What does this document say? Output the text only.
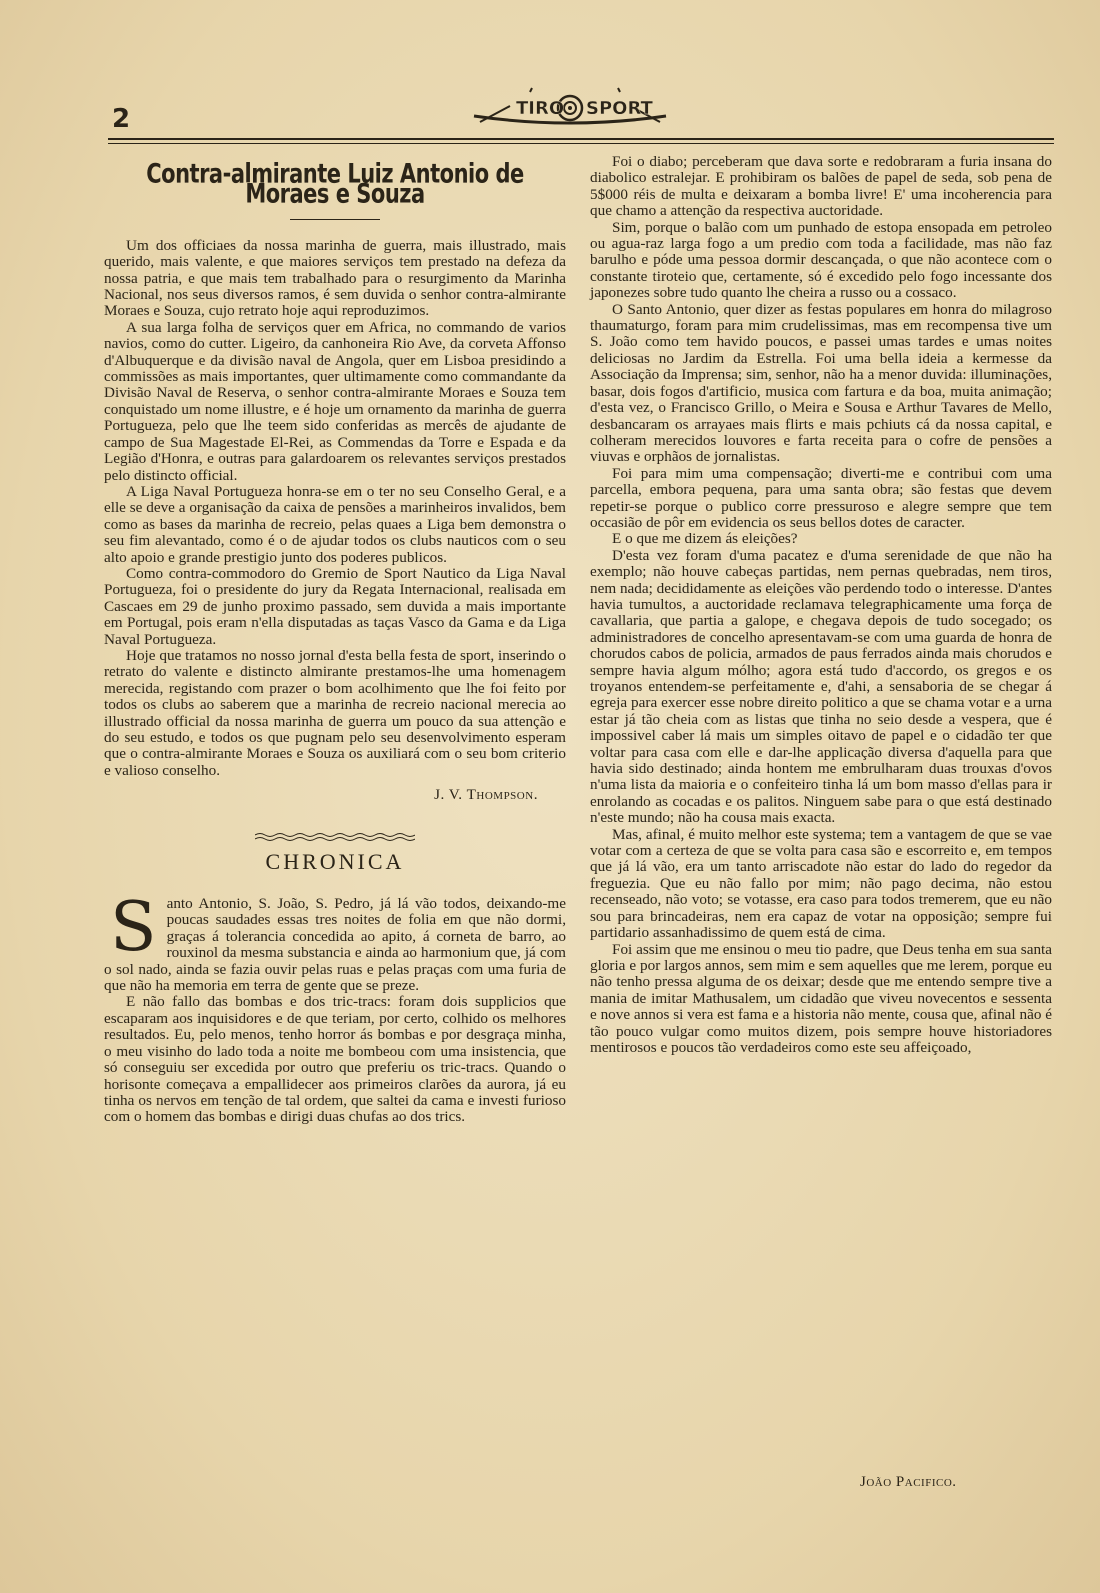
2	TIRO SPORT
Contra-almirante Luiz Antonio de Moraes e Souza

Um dos officiaes da nossa marinha de guerra, mais illustrado, mais querido, mais valente, e que maiores serviços tem prestado na defeza da nossa patria, e que mais tem trabalhado para o resurgimento da Marinha Nacional, nos seus diversos ramos, é sem duvida o senhor contra-almirante Moraes e Souza, cujo retrato hoje aqui reproduzimos.

A sua larga folha de serviços quer em Africa, no commando de varios navios, como do cutter. Ligeiro, da canhoneira Rio Ave, da corveta Affonso d'Albuquerque e da divisão naval de Angola, quer em Lisboa presidindo a commissões as mais importantes, quer ultimamente como commandante da Divisão Naval de Reserva, o senhor contra-almirante Moraes e Souza tem conquistado um nome illustre, e é hoje um ornamento da marinha de guerra Portugueza, pelo que lhe teem sido conferidas as mercês de ajudante de campo de Sua Magestade El-Rei, as Commendas da Torre e Espada e da Legião d'Honra, e outras para galardoarem os relevantes serviços prestados pelo distincto official.

A Liga Naval Portugueza honra-se em o ter no seu Conselho Geral, e a elle se deve a organisação da caixa de pensões a marinheiros invalidos, bem como as bases da marinha de recreio, pelas quaes a Liga bem demonstra o seu fim alevantado, como é o de ajudar todos os clubs nauticos com o seu alto apoio e grande prestigio junto dos poderes publicos.

Como contra-commodoro do Gremio de Sport Nautico da Liga Naval Portugueza, foi o presidente do jury da Regata Internacional, realisada em Cascaes em 29 de junho proximo passado, sem duvida a mais importante em Portugal, pois eram n'ella disputadas as taças Vasco da Gama e da Liga Naval Portugueza.

Hoje que tratamos no nosso jornal d'esta bella festa de sport, inserindo o retrato do valente e distincto almirante prestamos-lhe uma homenagem merecida, registando com prazer o bom acolhimento que lhe foi feito por todos os clubs ao saberem que a marinha de recreio nacional merecia ao illustrado official da nossa marinha de guerra um pouco da sua attenção e do seu estudo, e todos os que pugnam pelo seu desenvolvimento esperam que o contra-almirante Moraes e Souza os auxiliará com o seu bom criterio e valioso conselho.

J. V. Thompson.
CHRONICA

Santo Antonio, S. João, S. Pedro, já lá vão todos, deixando-me poucas saudades essas tres noites de folia em que não dormi, graças á tolerancia concedida ao apito, á corneta de barro, ao rouxinol da mesma substancia e ainda ao harmonium que, já com o sol nado, ainda se fazia ouvir pelas ruas e pelas praças com uma furia de que não ha memoria em terra de gente que se preze.

E não fallo das bombas e dos tric-tracs: foram dois supplicios que escaparam aos inquisidores e de que teriam, por certo, colhido os melhores resultados. Eu, pelo menos, tenho horror ás bombas e por desgraça minha, o meu visinho do lado toda a noite me bombeou com uma insistencia, que só conseguiu ser excedida por outro que preferiu os tric-tracs. Quando o horisonte começava a empallidecer aos primeiros clarões da aurora, já eu tinha os nervos em tenção de tal ordem, que saltei da cama e investi furioso com o homem das bombas e dirigi duas chufas ao dos trics.

Foi o diabo; perceberam que dava sorte e redobraram a furia insana do diabolico estralejar. E prohibiram os balões de papel de seda, sob pena de 5$000 réis de multa e deixaram a bomba livre! E' uma incoherencia para que chamo a attenção da respectiva auctoridade.

Sim, porque o balão com um punhado de estopa ensopada em petroleo ou agua-raz larga fogo a um predio com toda a facilidade, mas não faz barulho e póde uma pessoa dormir descançada, o que não acontece com o constante tiroteio que, certamente, só é excedido pelo fogo incessante dos japonezes sobre tudo quanto lhe cheira a russo ou a cossaco.

O Santo Antonio, quer dizer as festas populares em honra do milagroso thaumaturgo, foram para mim crudelissimas, mas em recompensa tive um S. João como tem havido poucos, e passei umas tardes e umas noites deliciosas no Jardim da Estrella. Foi uma bella ideia a kermesse da Associação da Imprensa; sim, senhor, não ha a menor duvida: illuminações, basar, dois fogos d'artificio, musica com fartura e da boa, muita animação; d'esta vez, o Francisco Grillo, o Meira e Sousa e Arthur Tavares de Mello, desbancaram os arrayaes mais flirts e mais pchiuts cá da nossa capital, e colheram merecidos louvores e farta receita para o cofre de pensões a viuvas e orphãos de jornalistas.

Foi para mim uma compensação; diverti-me e contribui com uma parcella, embora pequena, para uma santa obra; são festas que devem repetir-se porque o publico corre pressuroso e alegre sempre que tem occasião de pôr em evidencia os seus bellos dotes de caracter.

E o que me dizem ás eleições?

D'esta vez foram d'uma pacatez e d'uma serenidade de que não ha exemplo; não houve cabeças partidas, nem pernas quebradas, nem tiros, nem nada; decididamente as eleições vão perdendo todo o interesse. D'antes havia tumultos, a auctoridade reclamava telegraphicamente uma força de cavallaria, que partia a galope, e chegava depois de tudo socegado; os administradores de concelho apresentavam-se com uma guarda de honra de chorudos cabos de policia, armados de paus ferrados ainda mais chorudos e sempre havia algum mólho; agora está tudo d'accordo, os gregos e os troyanos entendem-se perfeitamente e, d'ahi, a sensaboria de se chegar á egreja para exercer esse nobre direito politico a que se chama votar e a urna estar já tão cheia com as listas que tinha no seio desde a vespera, que é impossivel caber lá mais um simples oitavo de papel e o cidadão ter que voltar para casa com elle e dar-lhe applicação diversa d'aquella para que havia sido destinado; ainda hontem me embrulharam duas trouxas d'ovos n'uma lista da maioria e o confeiteiro tinha lá um bom masso d'ellas para ir enrolando as cocadas e os palitos. Ninguem sabe para o que está destinado n'este mundo; não ha cousa mais exacta.

Mas, afinal, é muito melhor este systema; tem a vantagem de que se vae votar com a certeza de que se volta para casa são e escorreito e, em tempos que já lá vão, era um tanto arriscadote não estar do lado do regedor da freguezia. Que eu não fallo por mim; não pago decima, não estou recenseado, não voto; se votasse, era caso para todos tremerem, que eu não sou para brincadeiras, nem era capaz de votar na opposição; sempre fui partidario assanhadissimo de quem está de cima.

Foi assim que me ensinou o meu tio padre, que Deus tenha em sua santa gloria e por largos annos, sem mim e sem aquelles que me lerem, porque eu não tenho pressa alguma de os deixar; desde que me entendo sempre tive a mania de imitar Mathusalem, um cidadão que viveu novecentos e sessenta e nove annos si vera est fama e a historia não mente, cousa que, afinal não é tão pouco vulgar como muitos dizem, pois sempre houve historiadores mentirosos e poucos tão verdadeiros como este seu affeiçoado,

João Pacifico.
